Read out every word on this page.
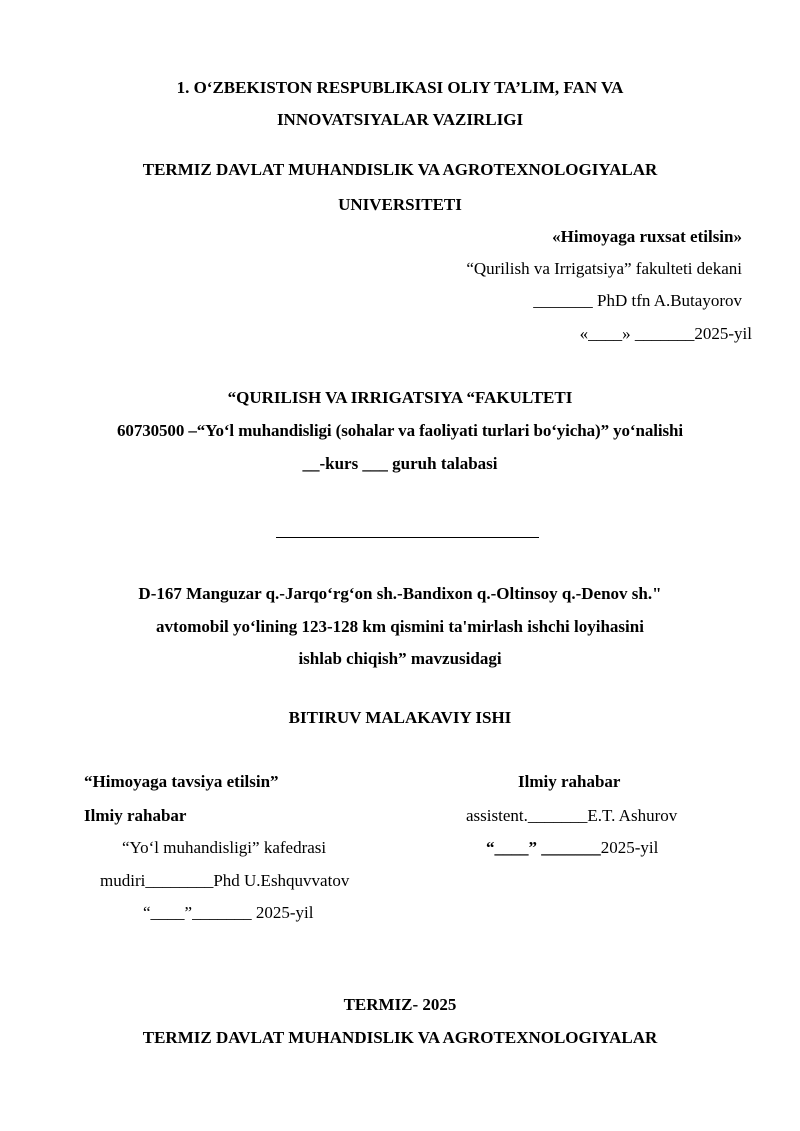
1. O‘ZBEKISTON RESPUBLIKASI OLIY TA’LIM, FAN VA
INNOVATSIYALAR VAZIRLIGI
TERMIZ DAVLAT MUHANDISLIK VA AGROTEXNOLOGIYALAR
UNIVERSITETI
«Himoyaga ruxsat etilsin»
“Qurilish va Irrigatsiya” fakulteti dekani
_______ PhD tfn A.Butayorov
«____» _______2025-yil
“QURILISH VA IRRIGATSIYA “FAKULTETI
60730500 –“Yo‘l muhandisligi (sohalar va faoliyati turlari bo‘yicha)” yo‘nalishi
__-kurs ___ guruh talabasi
D-167 Manguzar q.-Jarqo‘rg‘on sh.-Bandixon q.-Oltinsoy q.-Denov sh."
avtomobil yo‘lining 123-128 km qismini ta'mirlash ishchi loyihasini
ishlab chiqish” mavzusidagi
BITIRUV MALAKAVIY ISHI
“Himoyaga tavsiya etilsin”
Ilmiy rahabar
“Yo‘l muhandisligi” kafedrasi
mudiri________Phd U.Eshquvvatov
“____”_______ 2025-yil
Ilmiy rahabar
assistent._______E.T. Ashurov
“____” _______2025-yil
TERMIZ- 2025
TERMIZ DAVLAT MUHANDISLIK VA AGROTEXNOLOGIYALAR
